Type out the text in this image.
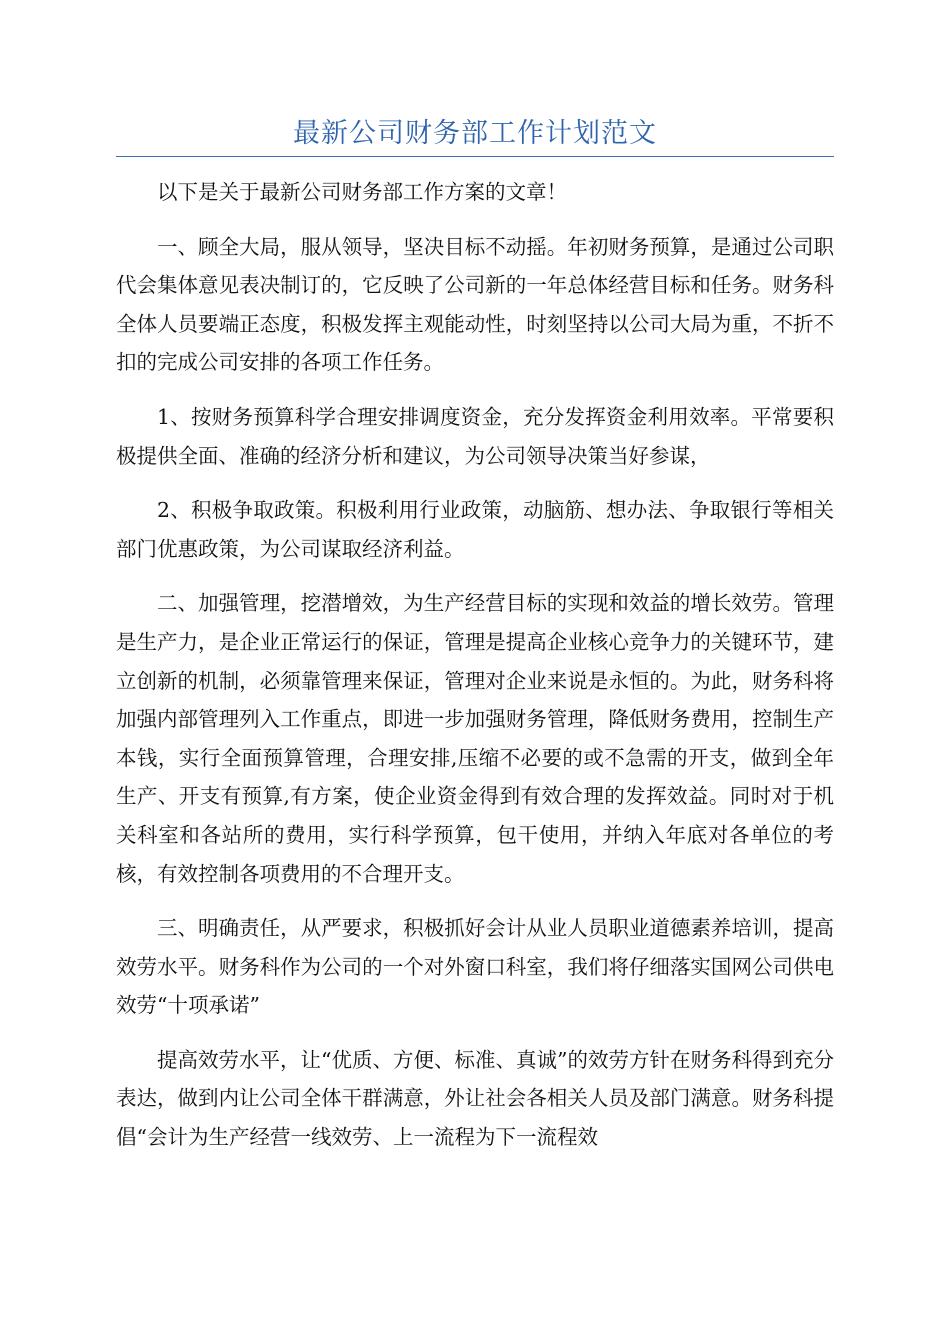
最新公司财务部工作计划范文

以下是关于最新公司财务部工作方案的文章！

一、顾全大局，服从领导，坚决目标不动摇。年初财务预算，是通过公司职代会集体意见表决制订的，它反映了公司新的一年总体经营目标和任务。财务科全体人员要端正态度，积极发挥主观能动性，时刻坚持以公司大局为重，不折不扣的完成公司安排的各项工作任务。

1、按财务预算科学合理安排调度资金，充分发挥资金利用效率。平常要积极提供全面、准确的经济分析和建议，为公司领导决策当好参谋，

2、积极争取政策。积极利用行业政策，动脑筋、想办法、争取银行等相关部门优惠政策，为公司谋取经济利益。

二、加强管理，挖潜增效，为生产经营目标的实现和效益的增长效劳。管理是生产力，是企业正常运行的保证，管理是提高企业核心竞争力的关键环节，建立创新的机制，必须靠管理来保证，管理对企业来说是永恒的。为此，财务科将加强内部管理列入工作重点，即进一步加强财务管理，降低财务费用，控制生产本钱，实行全面预算管理，合理安排,压缩不必要的或不急需的开支，做到全年生产、开支有预算,有方案，使企业资金得到有效合理的发挥效益。同时对于机关科室和各站所的费用，实行科学预算，包干使用，并纳入年底对各单位的考核，有效控制各项费用的不合理开支。

三、明确责任，从严要求，积极抓好会计从业人员职业道德素养培训，提高效劳水平。财务科作为公司的一个对外窗口科室，我们将仔细落实国网公司供电效劳“十项承诺”

提高效劳水平，让“优质、方便、标准、真诚”的效劳方针在财务科得到充分表达，做到内让公司全体干群满意，外让社会各相关人员及部门满意。财务科提倡“会计为生产经营一线效劳、上一流程为下一流程效
